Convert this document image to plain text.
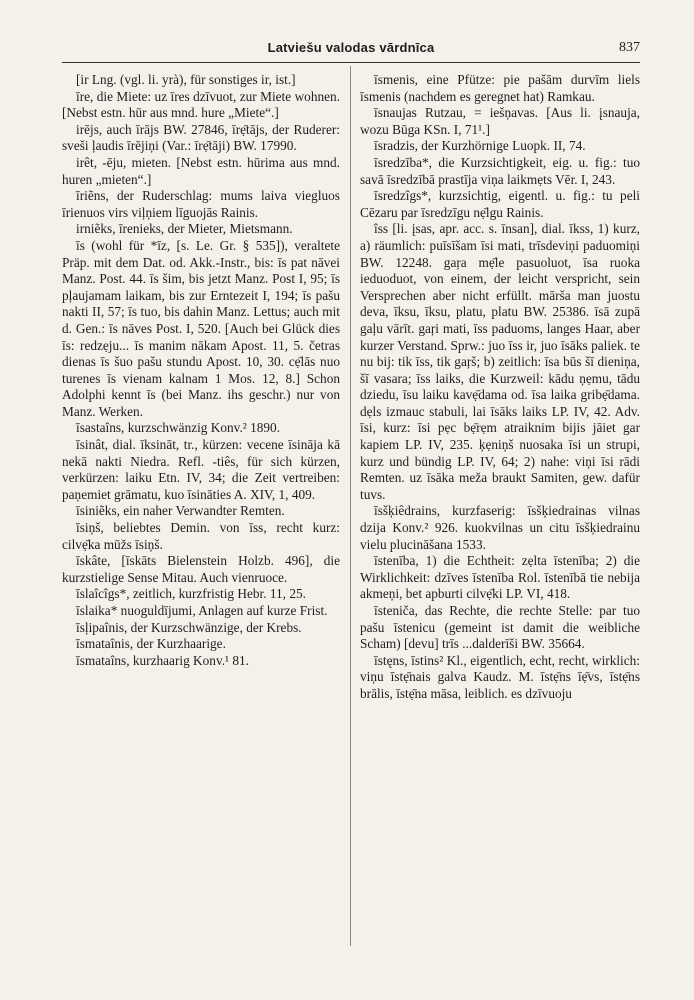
Latviešu valodas vārdnīca	837

[ir Lng. (vgl. li. yrà), für sonstiges ir, ist.]

īre, die Miete: uz īres dzīvuot, zur Miete wohnen. [Nebst estn. hūr aus mnd. hure „Miete“.]

irējs, auch īrājs BW. 27846, īrẹ̄tājs, der Ruderer: sveši ļaudis īrējiņi (Var.: īrẹ̄tāji) BW. 17990.

irêt, -ēju, mieten. [Nebst estn. hūrima aus mnd. huren „mieten“.]

īriẽns, der Ruderschlag: mums laiva viegluos īrienuos virs viļņiem līguojās Rainis.

irniẽks, īrenieks, der Mieter, Mietsmann.

īs (wohl für *īz, [s. Le. Gr. § 535]), veraltete Präp. mit dem Dat. od. Akk.-Instr., bis: īs pat nāvei Manz. Post. 44. īs šim, bis jetzt Manz. Post I, 95; īs pļaujamam laikam, bis zur Erntezeit I, 194; īs pašu nakti II, 57; īs tuo, bis dahin Manz. Lettus; auch mit d. Gen.: īs nāves Post. I, 520. [Auch bei Glück dies īs: redzẹju... īs manim nākam Apost. 11, 5. četras dienas īs šuo pašu stundu Apost. 10, 30. cẹ̄lās nuo turenes īs vienam kalnam 1 Mos. 12, 8.] Schon Adolphi kennt īs (bei Manz. ihs geschr.) nur von Manz. Werken.

īsastaîns, kurzschwänzig Konv.² 1890.

īsinât, dial. īksināt, tr., kürzen: vecene īsināja kā nekā nakti Niedra. Refl. -tiês, für sich kürzen, verkürzen: laiku Etn. IV, 34; die Zeit vertreiben: paņemiet grāmatu, kuo īsināties A. XIV, 1, 409.

īsiniẽks, ein naher Verwandter Remten.

īsiņš, beliebtes Demin. von īss, recht kurz: cilvẹ̄ka mūžs īsiņš.

īskâte, [īskāts Bielenstein Holzb. 496], die kurzstielige Sense Mitau. Auch vienruoce.

īslaîcîgs*, zeitlich, kurzfristig Hebr. 11, 25.

īslaika* nuoguldījumi, Anlagen auf kurze Frist.

īsļipaînis, der Kurzschwänzige, der Krebs.

īsmataînis, der Kurzhaarige.

īsmataîns, kurzhaarig Konv.¹ 81.

īsmenis, eine Pfütze: pie pašām durvīm liels īsmenis (nachdem es geregnet hat) Ramkau.

īsnaujas Rutzau, = iešņavas. [Aus li. įsnauja, wozu Būga KSn. I, 71¹.]

īsradzis, der Kurzhörnige Luopk. II, 74.

īsredzība*, die Kurzsichtigkeit, eig. u. fig.: tuo savā īsredzībā prastīja viņa laikmẹts Vēr. I, 243.

īsredzîgs*, kurzsichtig, eigentl. u. fig.: tu peli Cēzaru par īsredzīgu nẹ̄lgu Rainis.

îss [li. įsas, apr. acc. s. īnsan], dial. īkss, 1) kurz, a) räumlich: puīsīšam īsi mati, trīsdeviņi paduomiņi BW. 12248. gaŗa mẹ̄le pasuoluot, īsa ruoka ieduoduot, von einem, der leicht verspricht, sein Versprechen aber nicht erfüllt. mārša man juostu deva, īksu, īksu, platu, platu BW. 25386. īsā zupā gaļu vārīt. gaŗi mati, īss paduoms, langes Haar, aber kurzer Verstand. Sprw.: juo īss ir, juo īsāks paliek. te nu bij: tik īss, tik gaŗš; b) zeitlich: īsa būs šī dieniņa, šī vasara; īss laiks, die Kurzweil: kādu ņẹmu, tādu dziedu, īsu laiku kavẹ̄dama od. īsa laika gribẹ̄dama. dẹls izmauc stabuli, lai īsāks laiks LP. IV, 42. Adv. īsi, kurz: īsi pẹc bẹ̄rẹm atraiknim bijis jāiet gar kapiem LP. IV, 235. ķẹniņš nuosaka īsi un strupi, kurz und bündig LP. IV, 64; 2) nahe: viņi īsi rādi Remten. uz īsāka meža braukt Samiten, gew. dafür tuvs.

īsšķiêdrains, kurzfaserig: īsšķiedrainas vilnas dzija Konv.² 926. kuokvilnas un citu īsšķiedrainu vielu plucināšana 1533.

īstenība, 1) die Echtheit: zẹlta īstenība; 2) die Wirklichkeit: dzīves īstenība Rol. īstenībā tie nebija akmeņi, bet apburti cilvẹ̄ki LP. VI, 418.

īsteniča, das Rechte, die rechte Stelle: par tuo pašu īstenicu (gemeint ist damit die weibliche Scham) [devu] trīs ...dalderīši BW. 35664.

īstęns, īstins² Kl., eigentlich, echt, recht, wirklich: viņu īstẹ̄nais galva Kaudz. M. īstẹ̄ns īẹ̄vs, īstẹ̄ns brālis, īstẹ̄na māsa, leiblich. es dzīvuoju
